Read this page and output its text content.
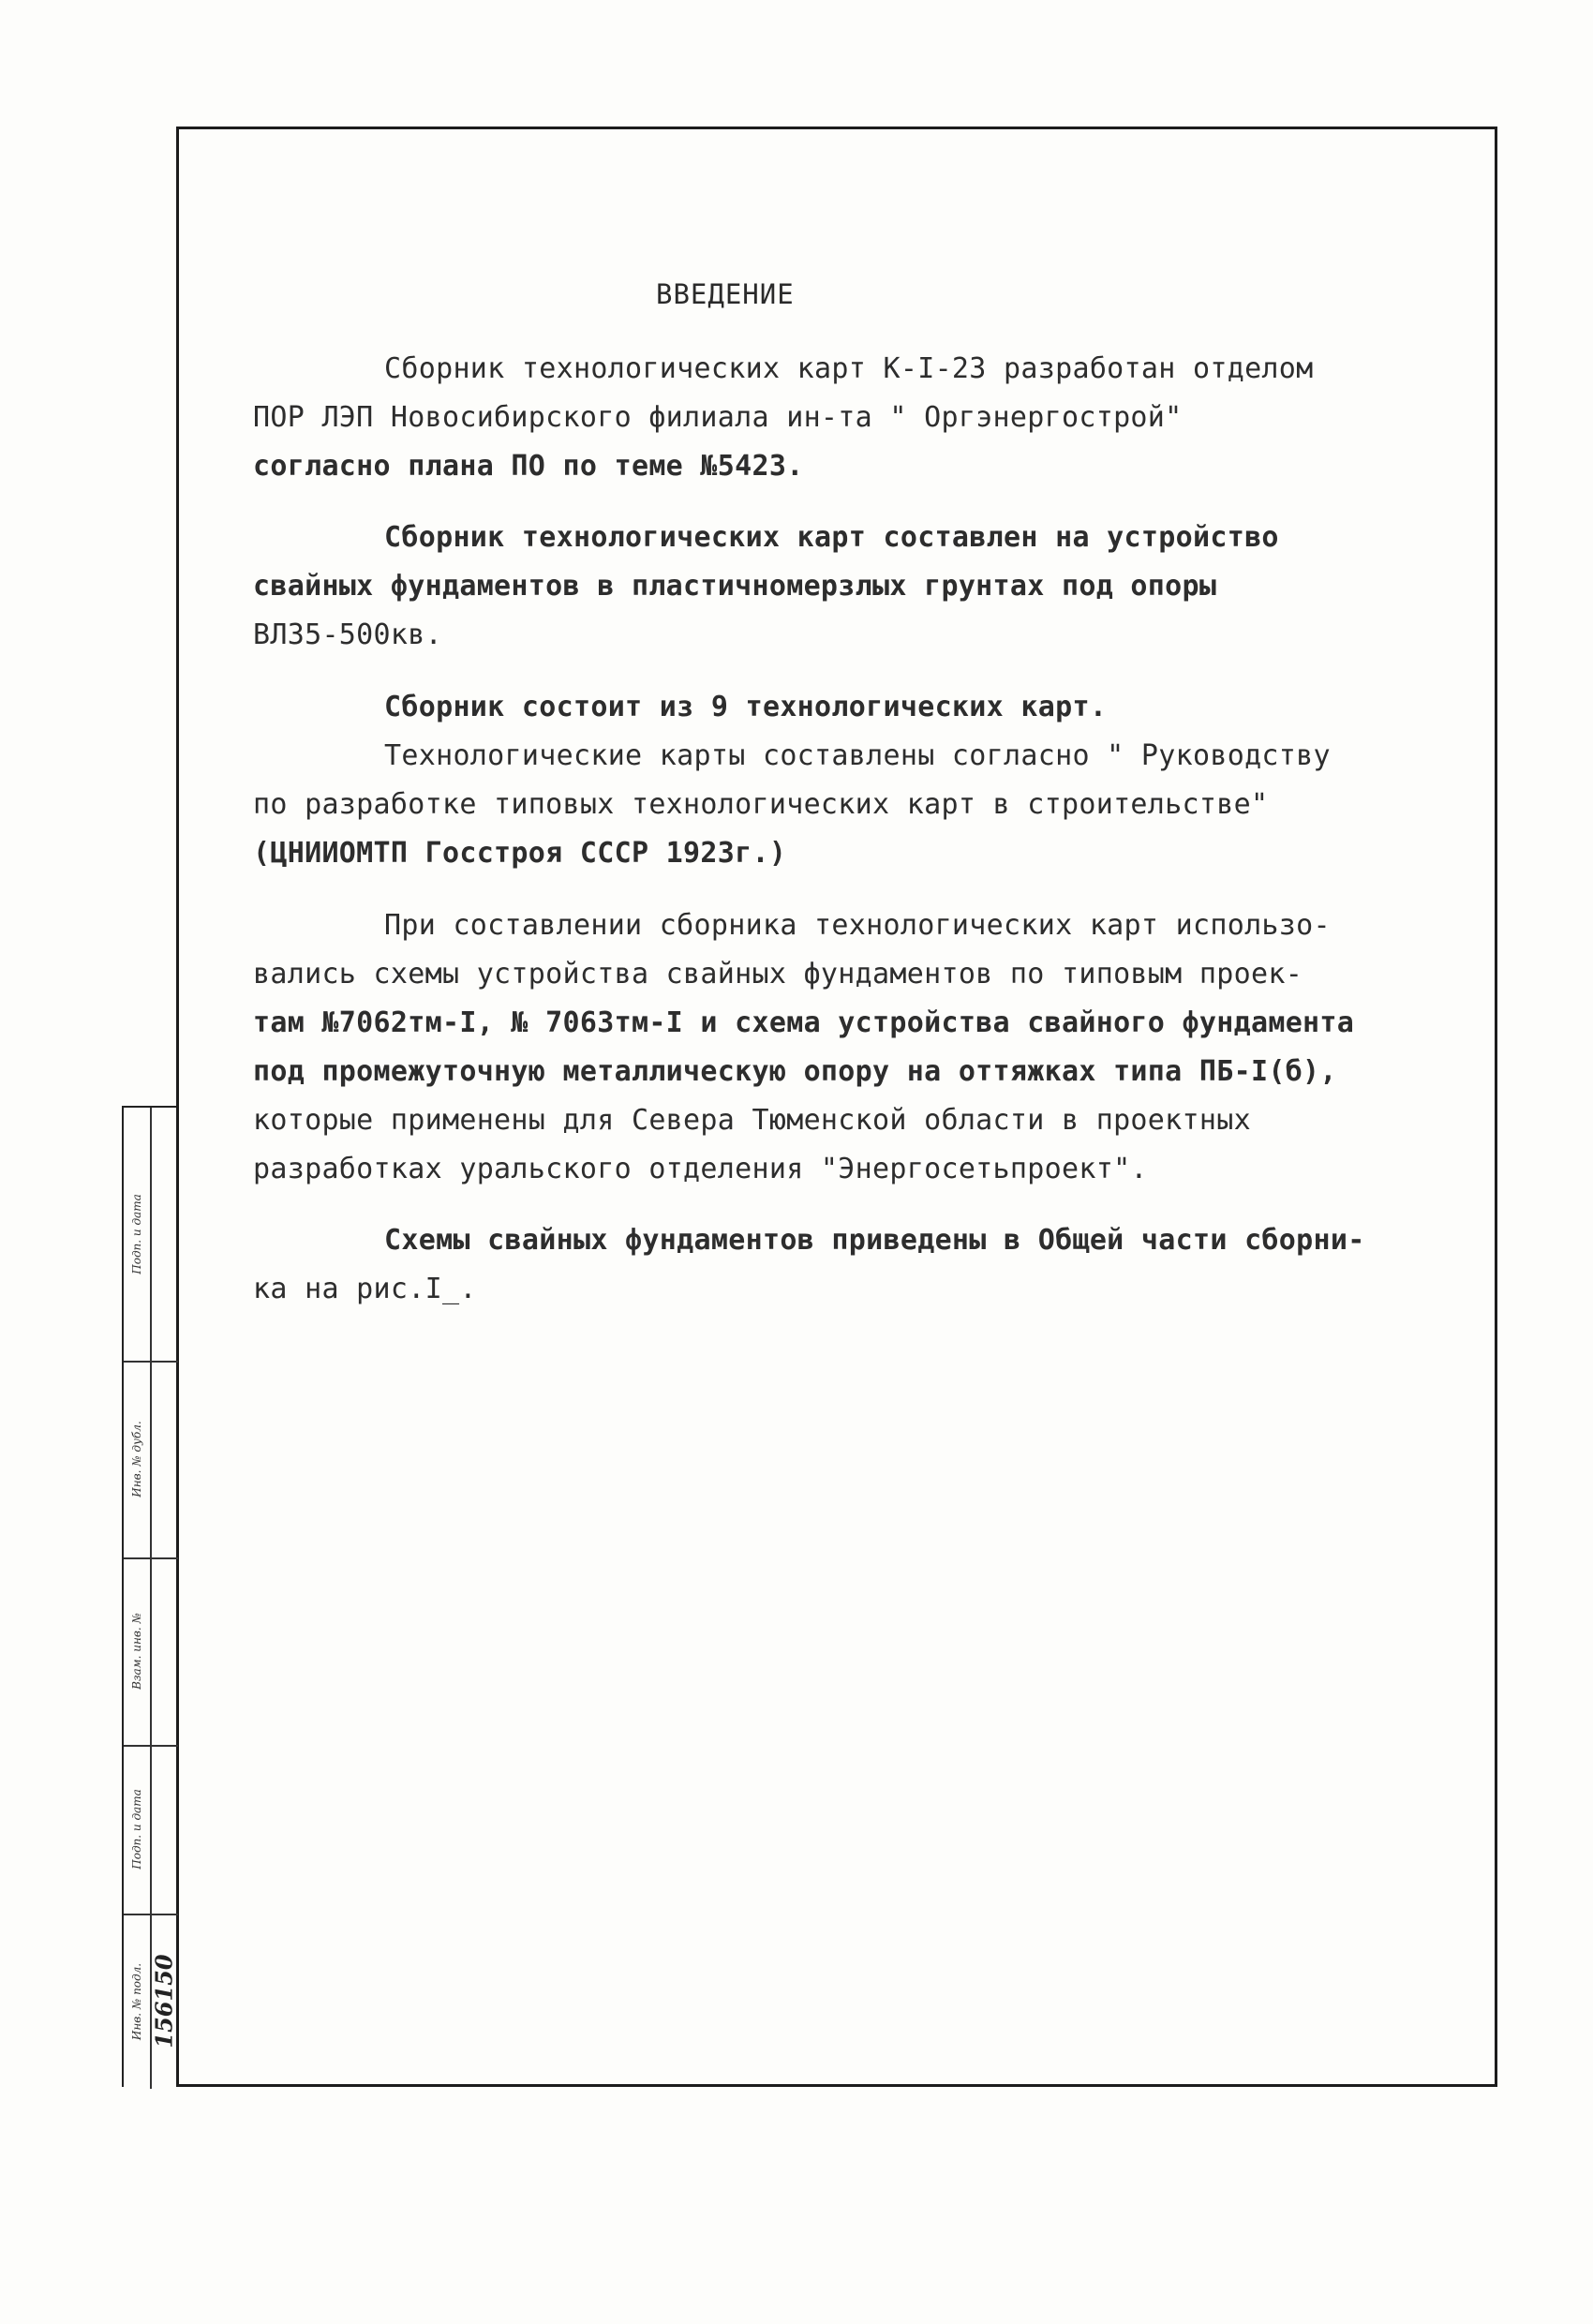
ВВЕДЕНИЕ
Сборник технологических карт К-I-23 разработан отделом
ПОР ЛЭП Новосибирского филиала ин-та " Оргэнергострой"
согласно плана ПО по теме №5423.
Сборник технологических карт составлен на устройство
свайных фундаментов в пластичномерзлых грунтах под опоры
ВЛ35-500кв.
Сборник состоит из 9 технологических карт.
Технологические карты составлены согласно " Руководству
по разработке типовых технологических карт в строительстве"
(ЦНИИОМТП Госстроя СССР 1923г.)
При составлении сборника технологических карт использо-
вались схемы устройства свайных фундаментов по типовым проек-
там №7062тм-I, № 7063тм-I и схема устройства свайного фундамента
под промежуточную металлическую опору на оттяжках типа ПБ-I(б),
которые применены для Севера Тюменской области в проектных
разработках уральского отделения "Энергосетьпроект".
Схемы свайных фундаментов приведены в Общей части сборни-
ка на рис.I_.
Подп. и дата
Инв. № дубл.
Взам. инв. №
Подп. и дата
Инв. № подл. 156150
